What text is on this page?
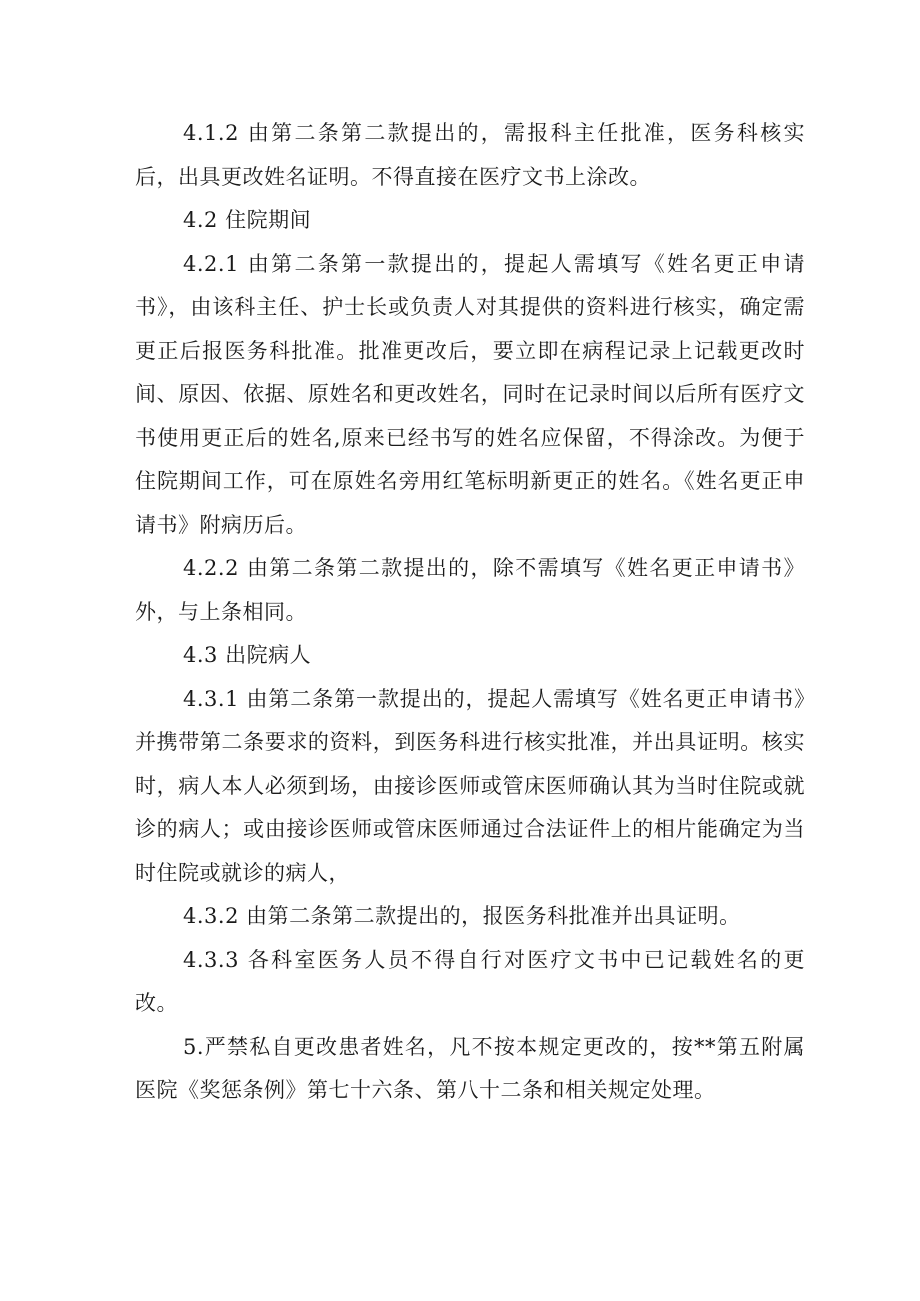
4.1.2 由第二条第二款提出的，需报科主任批准，医务科核实后，出具更改姓名证明。不得直接在医疗文书上涂改。

4.2 住院期间

4.2.1 由第二条第一款提出的，提起人需填写《姓名更正申请书》，由该科主任、护士长或负责人对其提供的资料进行核实，确定需更正后报医务科批准。批准更改后，要立即在病程记录上记载更改时间、原因、依据、原姓名和更改姓名，同时在记录时间以后所有医疗文书使用更正后的姓名,原来已经书写的姓名应保留，不得涂改。为便于住院期间工作，可在原姓名旁用红笔标明新更正的姓名。《姓名更正申请书》附病历后。

4.2.2 由第二条第二款提出的，除不需填写《姓名更正申请书》外，与上条相同。

4.3 出院病人

4.3.1 由第二条第一款提出的，提起人需填写《姓名更正申请书》并携带第二条要求的资料，到医务科进行核实批准，并出具证明。核实时，病人本人必须到场，由接诊医师或管床医师确认其为当时住院或就诊的病人；或由接诊医师或管床医师通过合法证件上的相片能确定为当时住院或就诊的病人，

4.3.2 由第二条第二款提出的，报医务科批准并出具证明。

4.3.3 各科室医务人员不得自行对医疗文书中已记载姓名的更改。

5.严禁私自更改患者姓名，凡不按本规定更改的，按**第五附属医院《奖惩条例》第七十六条、第八十二条和相关规定处理。
